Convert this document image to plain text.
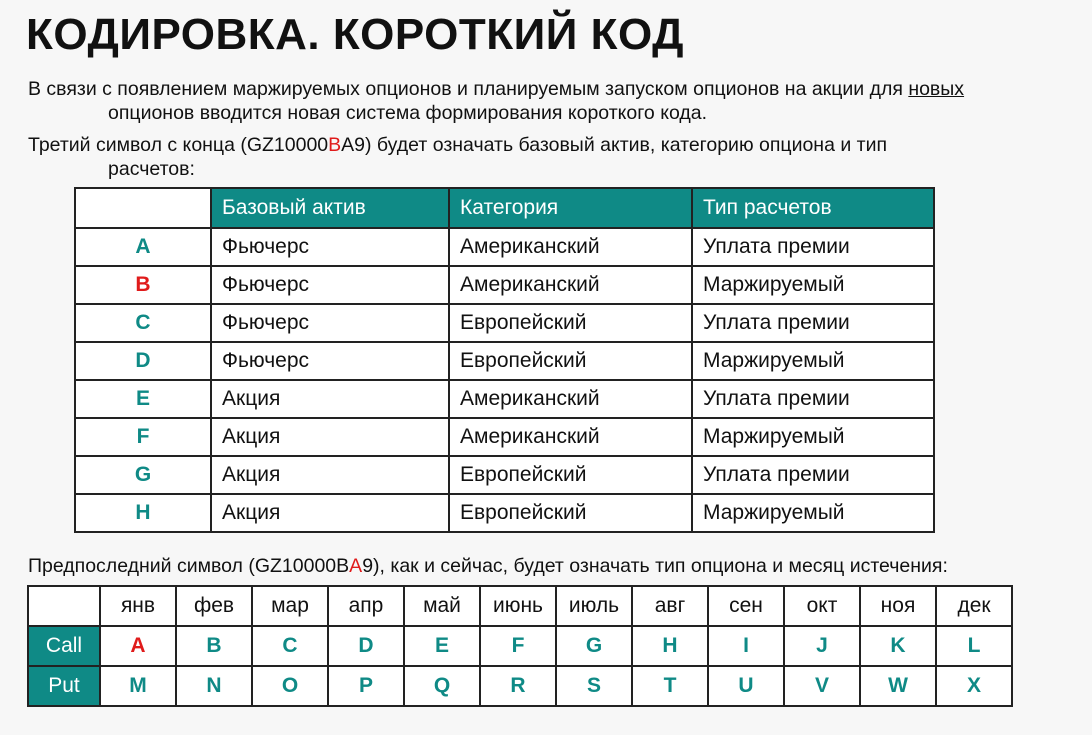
КОДИРОВКА. КОРОТКИЙ КОД

В связи с появлением маржируемых опционов и планируемым запуском опционов на акции для новых
опционов вводится новая система формирования короткого кода.

Третий символ с конца (GZ10000BA9) будет означать базовый актив, категорию опциона и тип
расчетов:

	Базовый актив	Категория	Тип расчетов
A	Фьючерс	Американский	Уплата премии
B	Фьючерс	Американский	Маржируемый
C	Фьючерс	Европейский	Уплата премии
D	Фьючерс	Европейский	Маржируемый
E	Акция	Американский	Уплата премии
F	Акция	Американский	Маржируемый
G	Акция	Европейский	Уплата премии
H	Акция	Европейский	Маржируемый

Предпоследний символ (GZ10000BA9), как и сейчас, будет означать тип опциона и месяц истечения:

	янв	фев	мар	апр	май	июнь	июль	авг	сен	окт	ноя	дек
Call	A	B	C	D	E	F	G	H	I	J	K	L
Put	M	N	O	P	Q	R	S	T	U	V	W	X
